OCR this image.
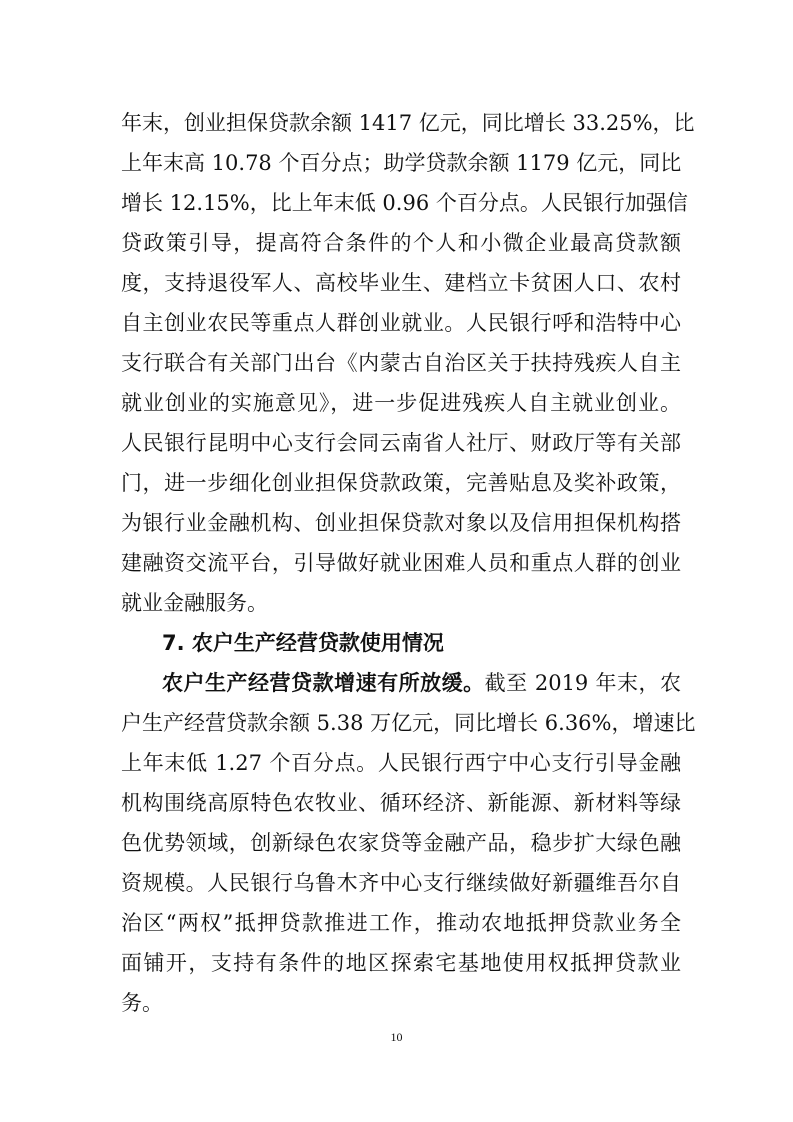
年末，创业担保贷款余额 1417 亿元，同比增长 33.25%，比
上年末高 10.78 个百分点；助学贷款余额 1179 亿元，同比
增长 12.15%，比上年末低 0.96 个百分点。人民银行加强信
贷政策引导，提高符合条件的个人和小微企业最高贷款额
度，支持退役军人、高校毕业生、建档立卡贫困人口、农村
自主创业农民等重点人群创业就业。人民银行呼和浩特中心
支行联合有关部门出台《内蒙古自治区关于扶持残疾人自主
就业创业的实施意见》，进一步促进残疾人自主就业创业。
人民银行昆明中心支行会同云南省人社厅、财政厅等有关部
门，进一步细化创业担保贷款政策，完善贴息及奖补政策，
为银行业金融机构、创业担保贷款对象以及信用担保机构搭
建融资交流平台，引导做好就业困难人员和重点人群的创业
就业金融服务。
7. 农户生产经营贷款使用情况
农户生产经营贷款增速有所放缓。截至 2019 年末，农
户生产经营贷款余额 5.38 万亿元，同比增长 6.36%，增速比
上年末低 1.27 个百分点。人民银行西宁中心支行引导金融
机构围绕高原特色农牧业、循环经济、新能源、新材料等绿
色优势领域，创新绿色农家贷等金融产品，稳步扩大绿色融
资规模。人民银行乌鲁木齐中心支行继续做好新疆维吾尔自
治区“两权”抵押贷款推进工作，推动农地抵押贷款业务全
面铺开，支持有条件的地区探索宅基地使用权抵押贷款业
务。
10
